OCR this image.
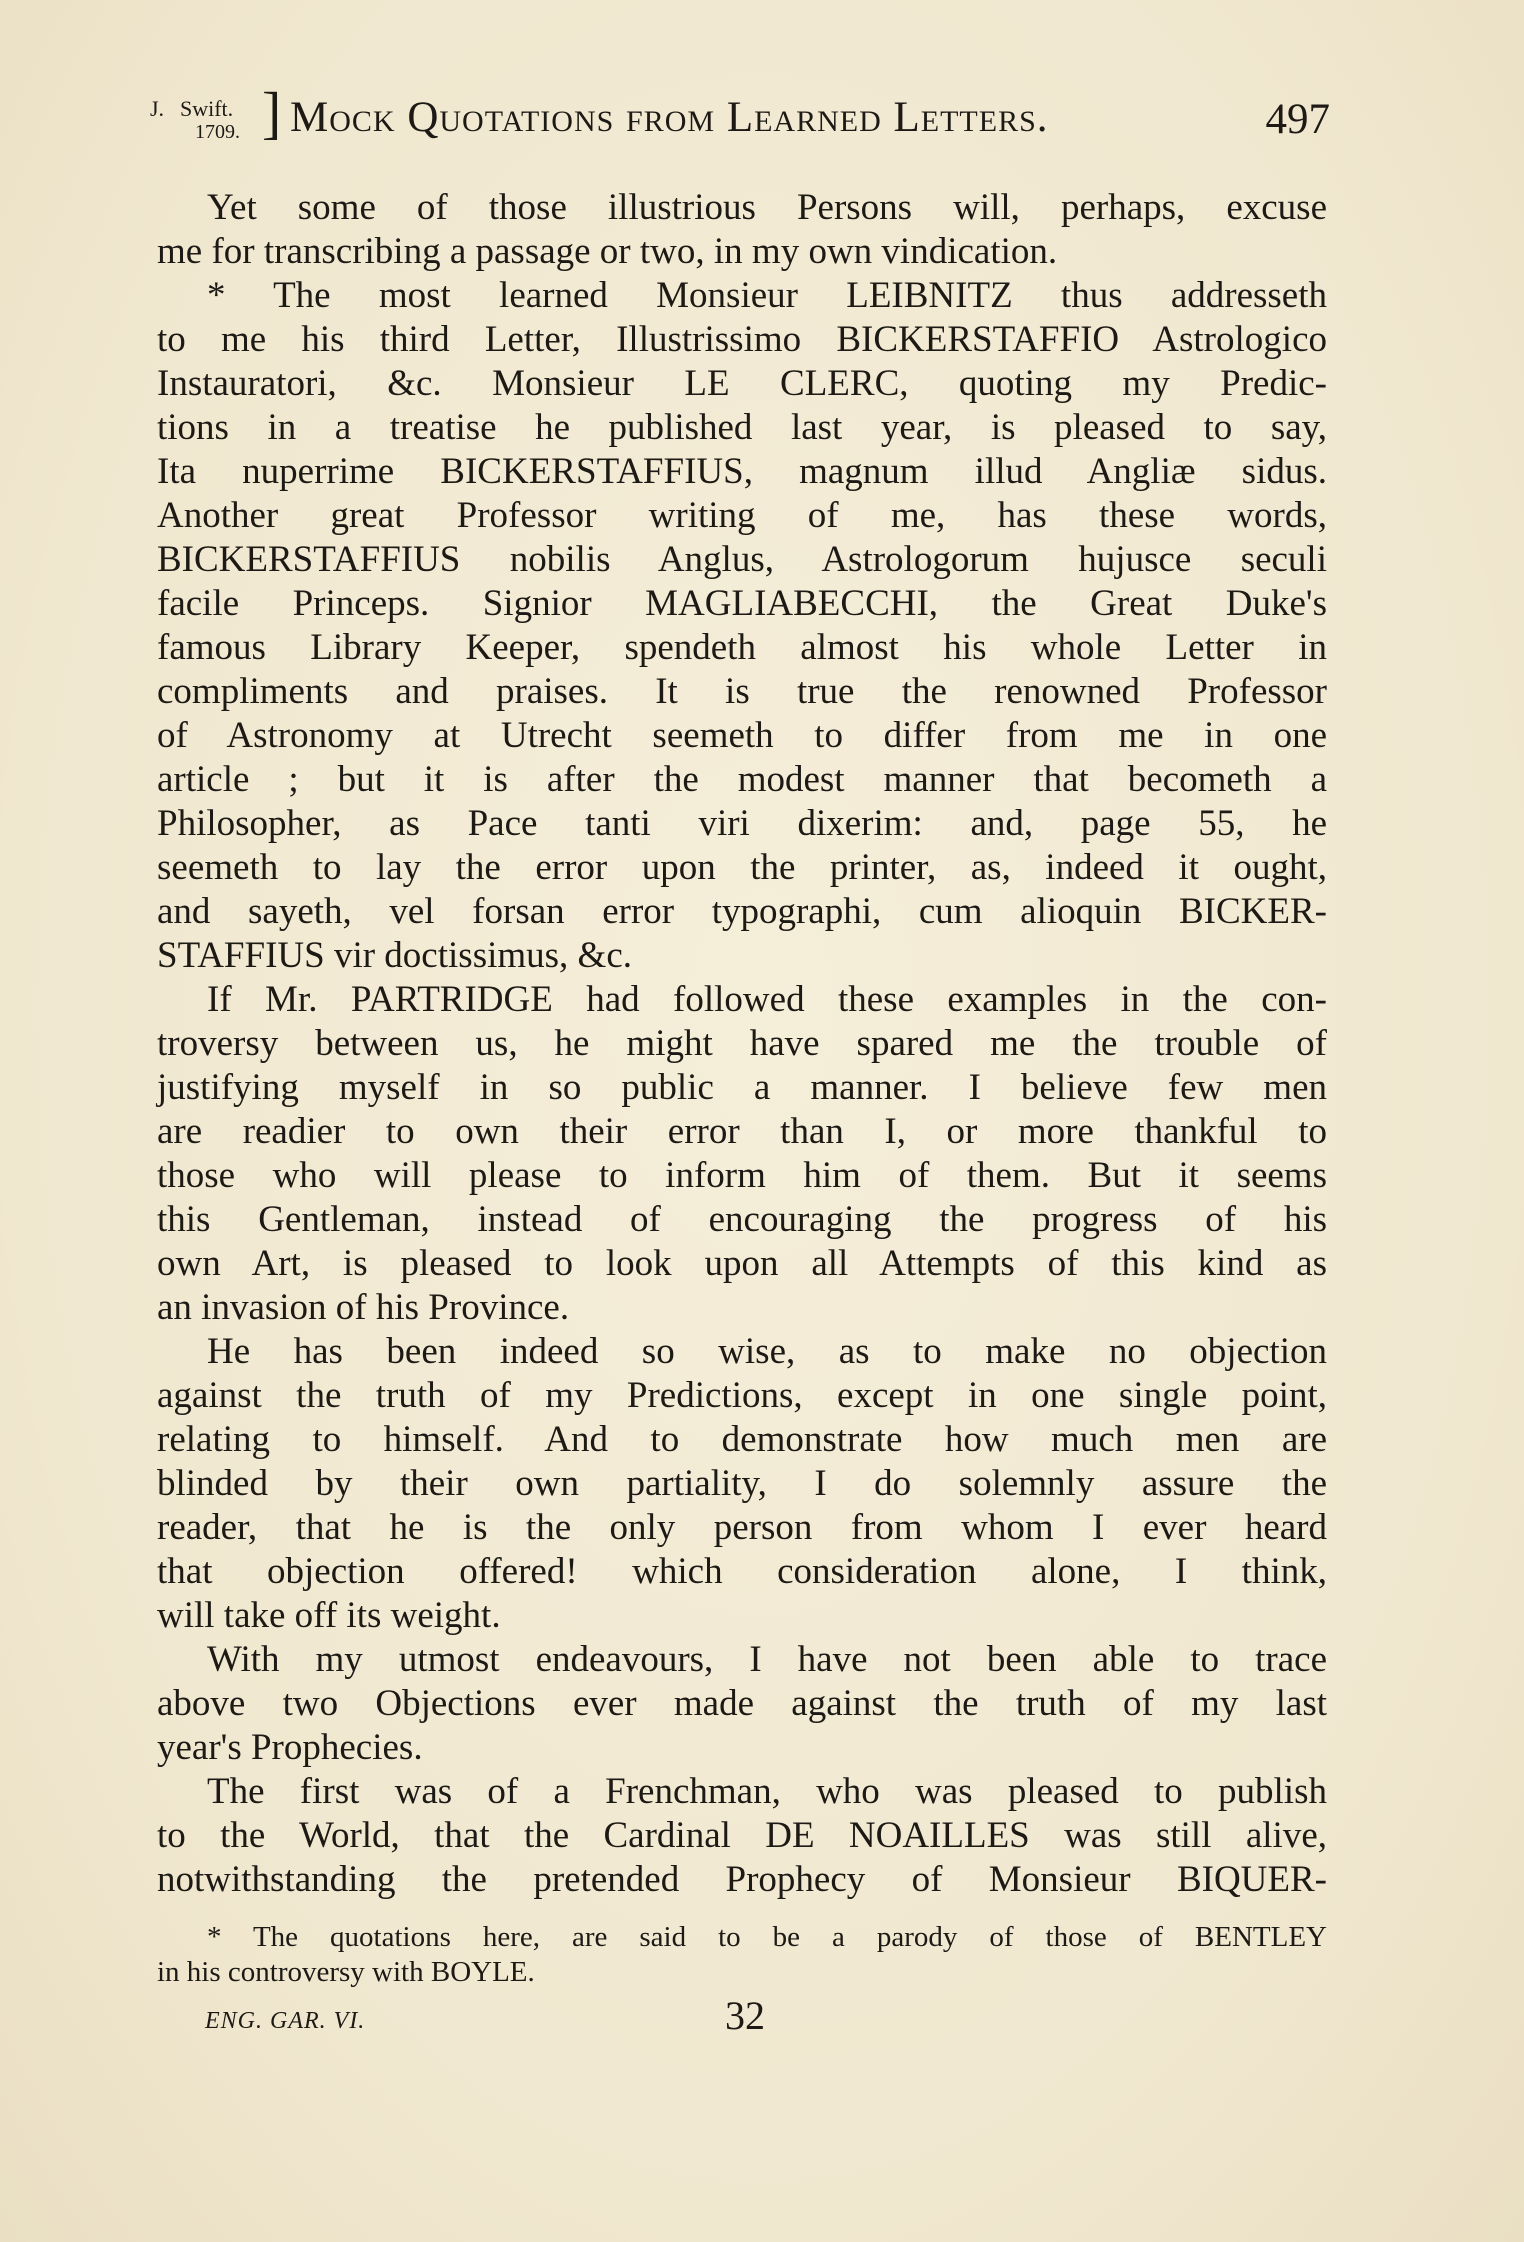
J. Swift.
1709. ] Mock Quotations from Learned Letters.	497
Yet some of those illustrious Persons will, perhaps, excuse
me for transcribing a passage or two, in my own vindication.
* The most learned Monsieur LEIBNITZ thus addresseth
to me his third Letter, Illustrissimo BICKERSTAFFIO Astrologico
Instauratori, &c. Monsieur LE CLERC, quoting my Predic-
tions in a treatise he published last year, is pleased to say,
Ita nuperrime BICKERSTAFFIUS, magnum illud Angliæ sidus.
Another great Professor writing of me, has these words,
BICKERSTAFFIUS nobilis Anglus, Astrologorum hujusce seculi
facile Princeps. Signior MAGLIABECCHI, the Great Duke's
famous Library Keeper, spendeth almost his whole Letter in
compliments and praises. It is true the renowned Professor
of Astronomy at Utrecht seemeth to differ from me in one
article ; but it is after the modest manner that becometh a
Philosopher, as Pace tanti viri dixerim: and, page 55, he
seemeth to lay the error upon the printer, as, indeed it ought,
and sayeth, vel forsan error typographi, cum alioquin BICKER-
STAFFIUS vir doctissimus, &c.
If Mr. PARTRIDGE had followed these examples in the con-
troversy between us, he might have spared me the trouble of
justifying myself in so public a manner. I believe few men
are readier to own their error than I, or more thankful to
those who will please to inform him of them. But it seems
this Gentleman, instead of encouraging the progress of his
own Art, is pleased to look upon all Attempts of this kind as
an invasion of his Province.
He has been indeed so wise, as to make no objection
against the truth of my Predictions, except in one single point,
relating to himself. And to demonstrate how much men are
blinded by their own partiality, I do solemnly assure the
reader, that he is the only person from whom I ever heard
that objection offered! which consideration alone, I think,
will take off its weight.
With my utmost endeavours, I have not been able to trace
above two Objections ever made against the truth of my last
year's Prophecies.
The first was of a Frenchman, who was pleased to publish
to the World, that the Cardinal DE NOAILLES was still alive,
notwithstanding the pretended Prophecy of Monsieur BIQUER-
* The quotations here, are said to be a parody of those of BENTLEY
in his controversy with BOYLE.
ENG. GAR. VI.	32
